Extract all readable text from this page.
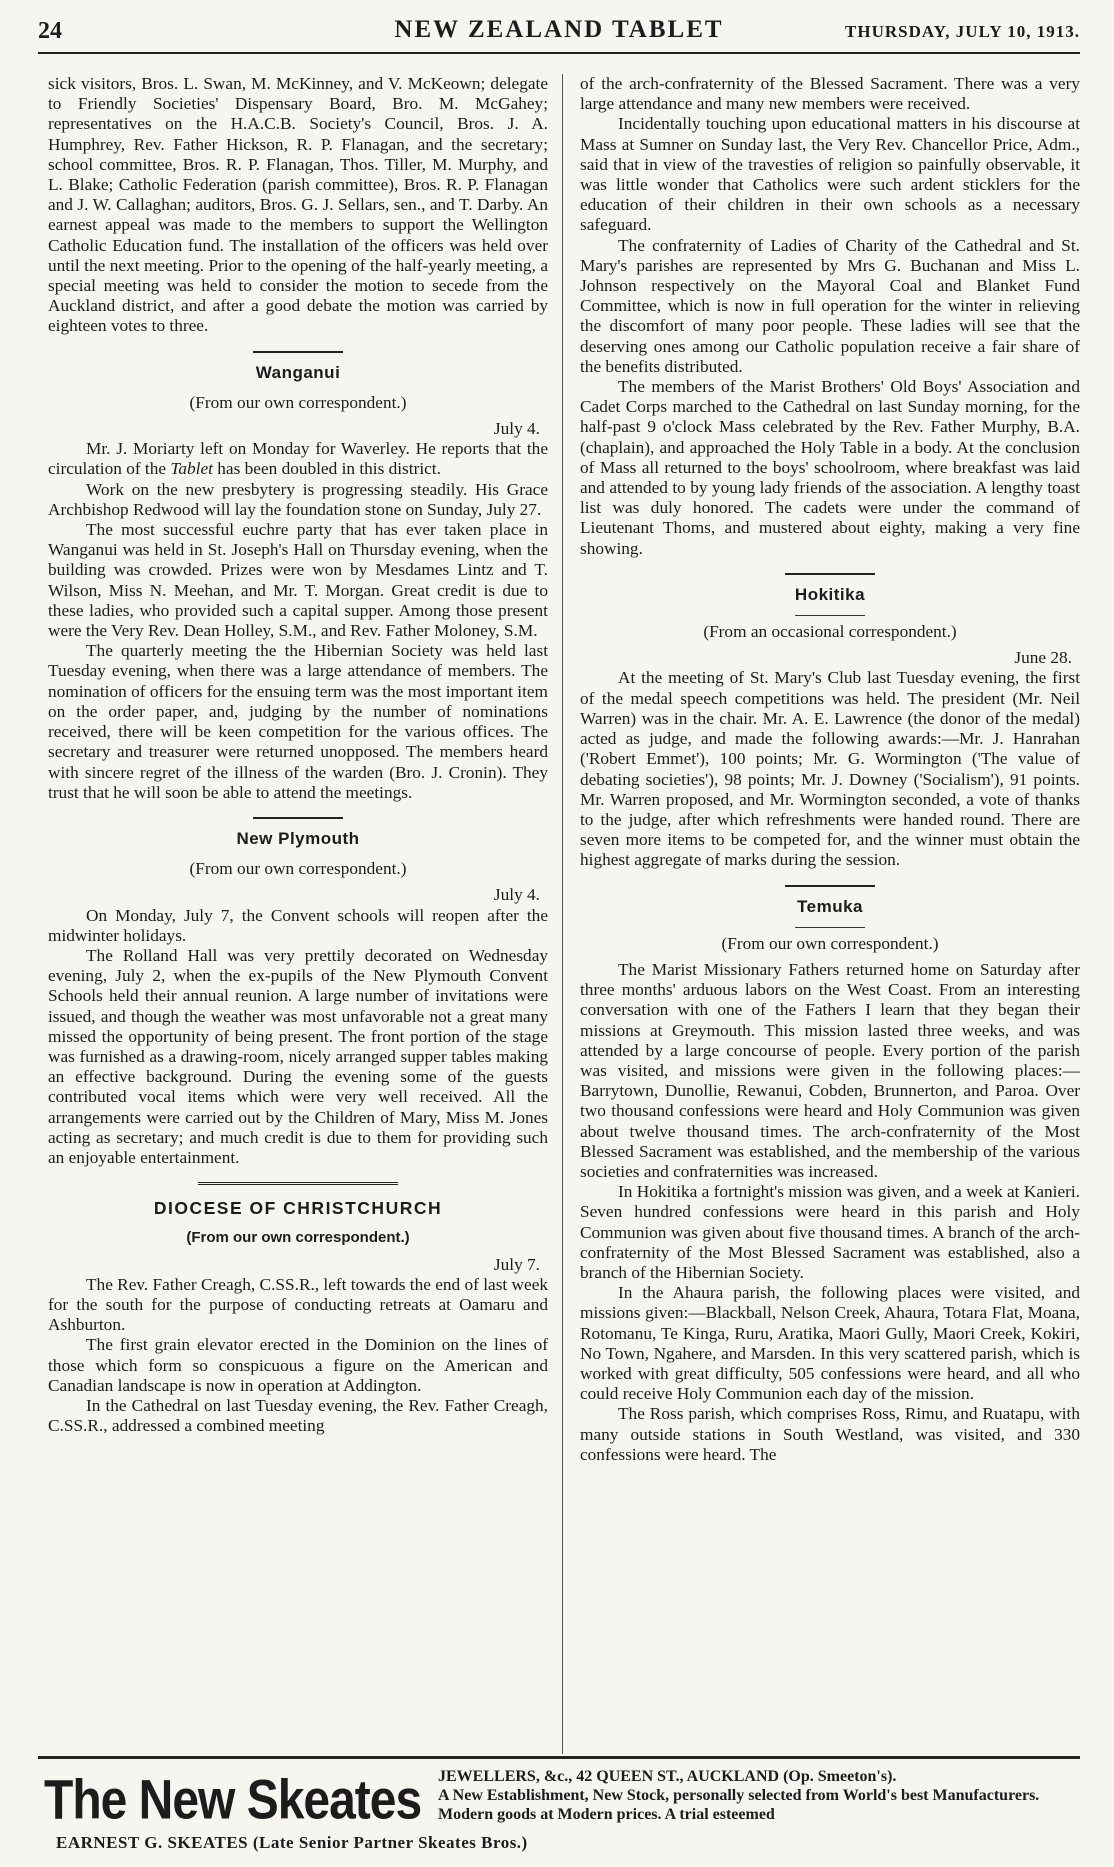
24	NEW ZEALAND TABLET	THURSDAY, JULY 10, 1913.

sick visitors, Bros. L. Swan, M. McKinney, and V. McKeown; delegate to Friendly Societies' Dispensary Board, Bro. M. McGahey; representatives on the H.A.C.B. Society's Council, Bros. J. A. Humphrey, Rev. Father Hickson, R. P. Flanagan, and the secretary; school committee, Bros. R. P. Flanagan, Thos. Tiller, M. Murphy, and L. Blake; Catholic Federation (parish committee), Bros. R. P. Flanagan and J. W. Callaghan; auditors, Bros. G. J. Sellars, sen., and T. Darby. An earnest appeal was made to the members to support the Wellington Catholic Education fund. The installation of the officers was held over until the next meeting. Prior to the opening of the half-yearly meeting, a special meeting was held to consider the motion to secede from the Auckland district, and after a good debate the motion was carried by eighteen votes to three.

Wanganui
(From our own correspondent.)

July 4.

Mr. J. Moriarty left on Monday for Waverley. He reports that the circulation of the Tablet has been doubled in this district.

Work on the new presbytery is progressing steadily. His Grace Archbishop Redwood will lay the foundation stone on Sunday, July 27.

The most successful euchre party that has ever taken place in Wanganui was held in St. Joseph's Hall on Thursday evening, when the building was crowded. Prizes were won by Mesdames Lintz and T. Wilson, Miss N. Meehan, and Mr. T. Morgan. Great credit is due to these ladies, who provided such a capital supper. Among those present were the Very Rev. Dean Holley, S.M., and Rev. Father Moloney, S.M.

The quarterly meeting the the Hibernian Society was held last Tuesday evening, when there was a large attendance of members. The nomination of officers for the ensuing term was the most important item on the order paper, and, judging by the number of nominations received, there will be keen competition for the various offices. The secretary and treasurer were returned unopposed. The members heard with sincere regret of the illness of the warden (Bro. J. Cronin). They trust that he will soon be able to attend the meetings.

New Plymouth
(From our own correspondent.)

July 4.

On Monday, July 7, the Convent schools will reopen after the midwinter holidays.

The Rolland Hall was very prettily decorated on Wednesday evening, July 2, when the ex-pupils of the New Plymouth Convent Schools held their annual reunion. A large number of invitations were issued, and though the weather was most unfavorable not a great many missed the opportunity of being present. The front portion of the stage was furnished as a drawing-room, nicely arranged supper tables making an effective background. During the evening some of the guests contributed vocal items which were very well received. All the arrangements were carried out by the Children of Mary, Miss M. Jones acting as secretary; and much credit is due to them for providing such an enjoyable entertainment.

DIOCESE OF CHRISTCHURCH
(From our own correspondent.)

July 7.

The Rev. Father Creagh, C.SS.R., left towards the end of last week for the south for the purpose of conducting retreats at Oamaru and Ashburton.

The first grain elevator erected in the Dominion on the lines of those which form so conspicuous a figure on the American and Canadian landscape is now in operation at Addington.

In the Cathedral on last Tuesday evening, the Rev. Father Creagh, C.SS.R., addressed a combined meeting

of the arch-confraternity of the Blessed Sacrament. There was a very large attendance and many new members were received.

Incidentally touching upon educational matters in his discourse at Mass at Sumner on Sunday last, the Very Rev. Chancellor Price, Adm., said that in view of the travesties of religion so painfully observable, it was little wonder that Catholics were such ardent sticklers for the education of their children in their own schools as a necessary safeguard.

The confraternity of Ladies of Charity of the Cathedral and St. Mary's parishes are represented by Mrs G. Buchanan and Miss L. Johnson respectively on the Mayoral Coal and Blanket Fund Committee, which is now in full operation for the winter in relieving the discomfort of many poor people. These ladies will see that the deserving ones among our Catholic population receive a fair share of the benefits distributed.

The members of the Marist Brothers' Old Boys' Association and Cadet Corps marched to the Cathedral on last Sunday morning, for the half-past 9 o'clock Mass celebrated by the Rev. Father Murphy, B.A. (chaplain), and approached the Holy Table in a body. At the conclusion of Mass all returned to the boys' schoolroom, where breakfast was laid and attended to by young lady friends of the association. A lengthy toast list was duly honored. The cadets were under the command of Lieutenant Thoms, and mustered about eighty, making a very fine showing.

Hokitika
(From an occasional correspondent.)

June 28.

At the meeting of St. Mary's Club last Tuesday evening, the first of the medal speech competitions was held. The president (Mr. Neil Warren) was in the chair. Mr. A. E. Lawrence (the donor of the medal) acted as judge, and made the following awards:—Mr. J. Hanrahan ('Robert Emmet'), 100 points; Mr. G. Wormington ('The value of debating societies'), 98 points; Mr. J. Downey ('Socialism'), 91 points. Mr. Warren proposed, and Mr. Wormington seconded, a vote of thanks to the judge, after which refreshments were handed round. There are seven more items to be competed for, and the winner must obtain the highest aggregate of marks during the session.

Temuka
(From our own correspondent.)

The Marist Missionary Fathers returned home on Saturday after three months' arduous labors on the West Coast. From an interesting conversation with one of the Fathers I learn that they began their missions at Greymouth. This mission lasted three weeks, and was attended by a large concourse of people. Every portion of the parish was visited, and missions were given in the following places:—Barrytown, Dunollie, Rewanui, Cobden, Brunnerton, and Paroa. Over two thousand confessions were heard and Holy Communion was given about twelve thousand times. The arch-confraternity of the Most Blessed Sacrament was established, and the membership of the various societies and confraternities was increased.

In Hokitika a fortnight's mission was given, and a week at Kanieri. Seven hundred confessions were heard in this parish and Holy Communion was given about five thousand times. A branch of the arch-confraternity of the Most Blessed Sacrament was established, also a branch of the Hibernian Society.

In the Ahaura parish, the following places were visited, and missions given:—Blackball, Nelson Creek, Ahaura, Totara Flat, Moana, Rotomanu, Te Kinga, Ruru, Aratika, Maori Gully, Maori Creek, Kokiri, No Town, Ngahere, and Marsden. In this very scattered parish, which is worked with great difficulty, 505 confessions were heard, and all who could receive Holy Communion each day of the mission.

The Ross parish, which comprises Ross, Rimu, and Ruatapu, with many outside stations in South Westland, was visited, and 330 confessions were heard. The

The New Skeates JEWELLERS, &c., 42 QUEEN ST., AUCKLAND (Op. Smeeton's).
A New Establishment, New Stock, personally selected from World's best Manufacturers. Modern goods at Modern prices. A trial esteemed
EARNEST G. SKEATES (Late Senior Partner Skeates Bros.)
